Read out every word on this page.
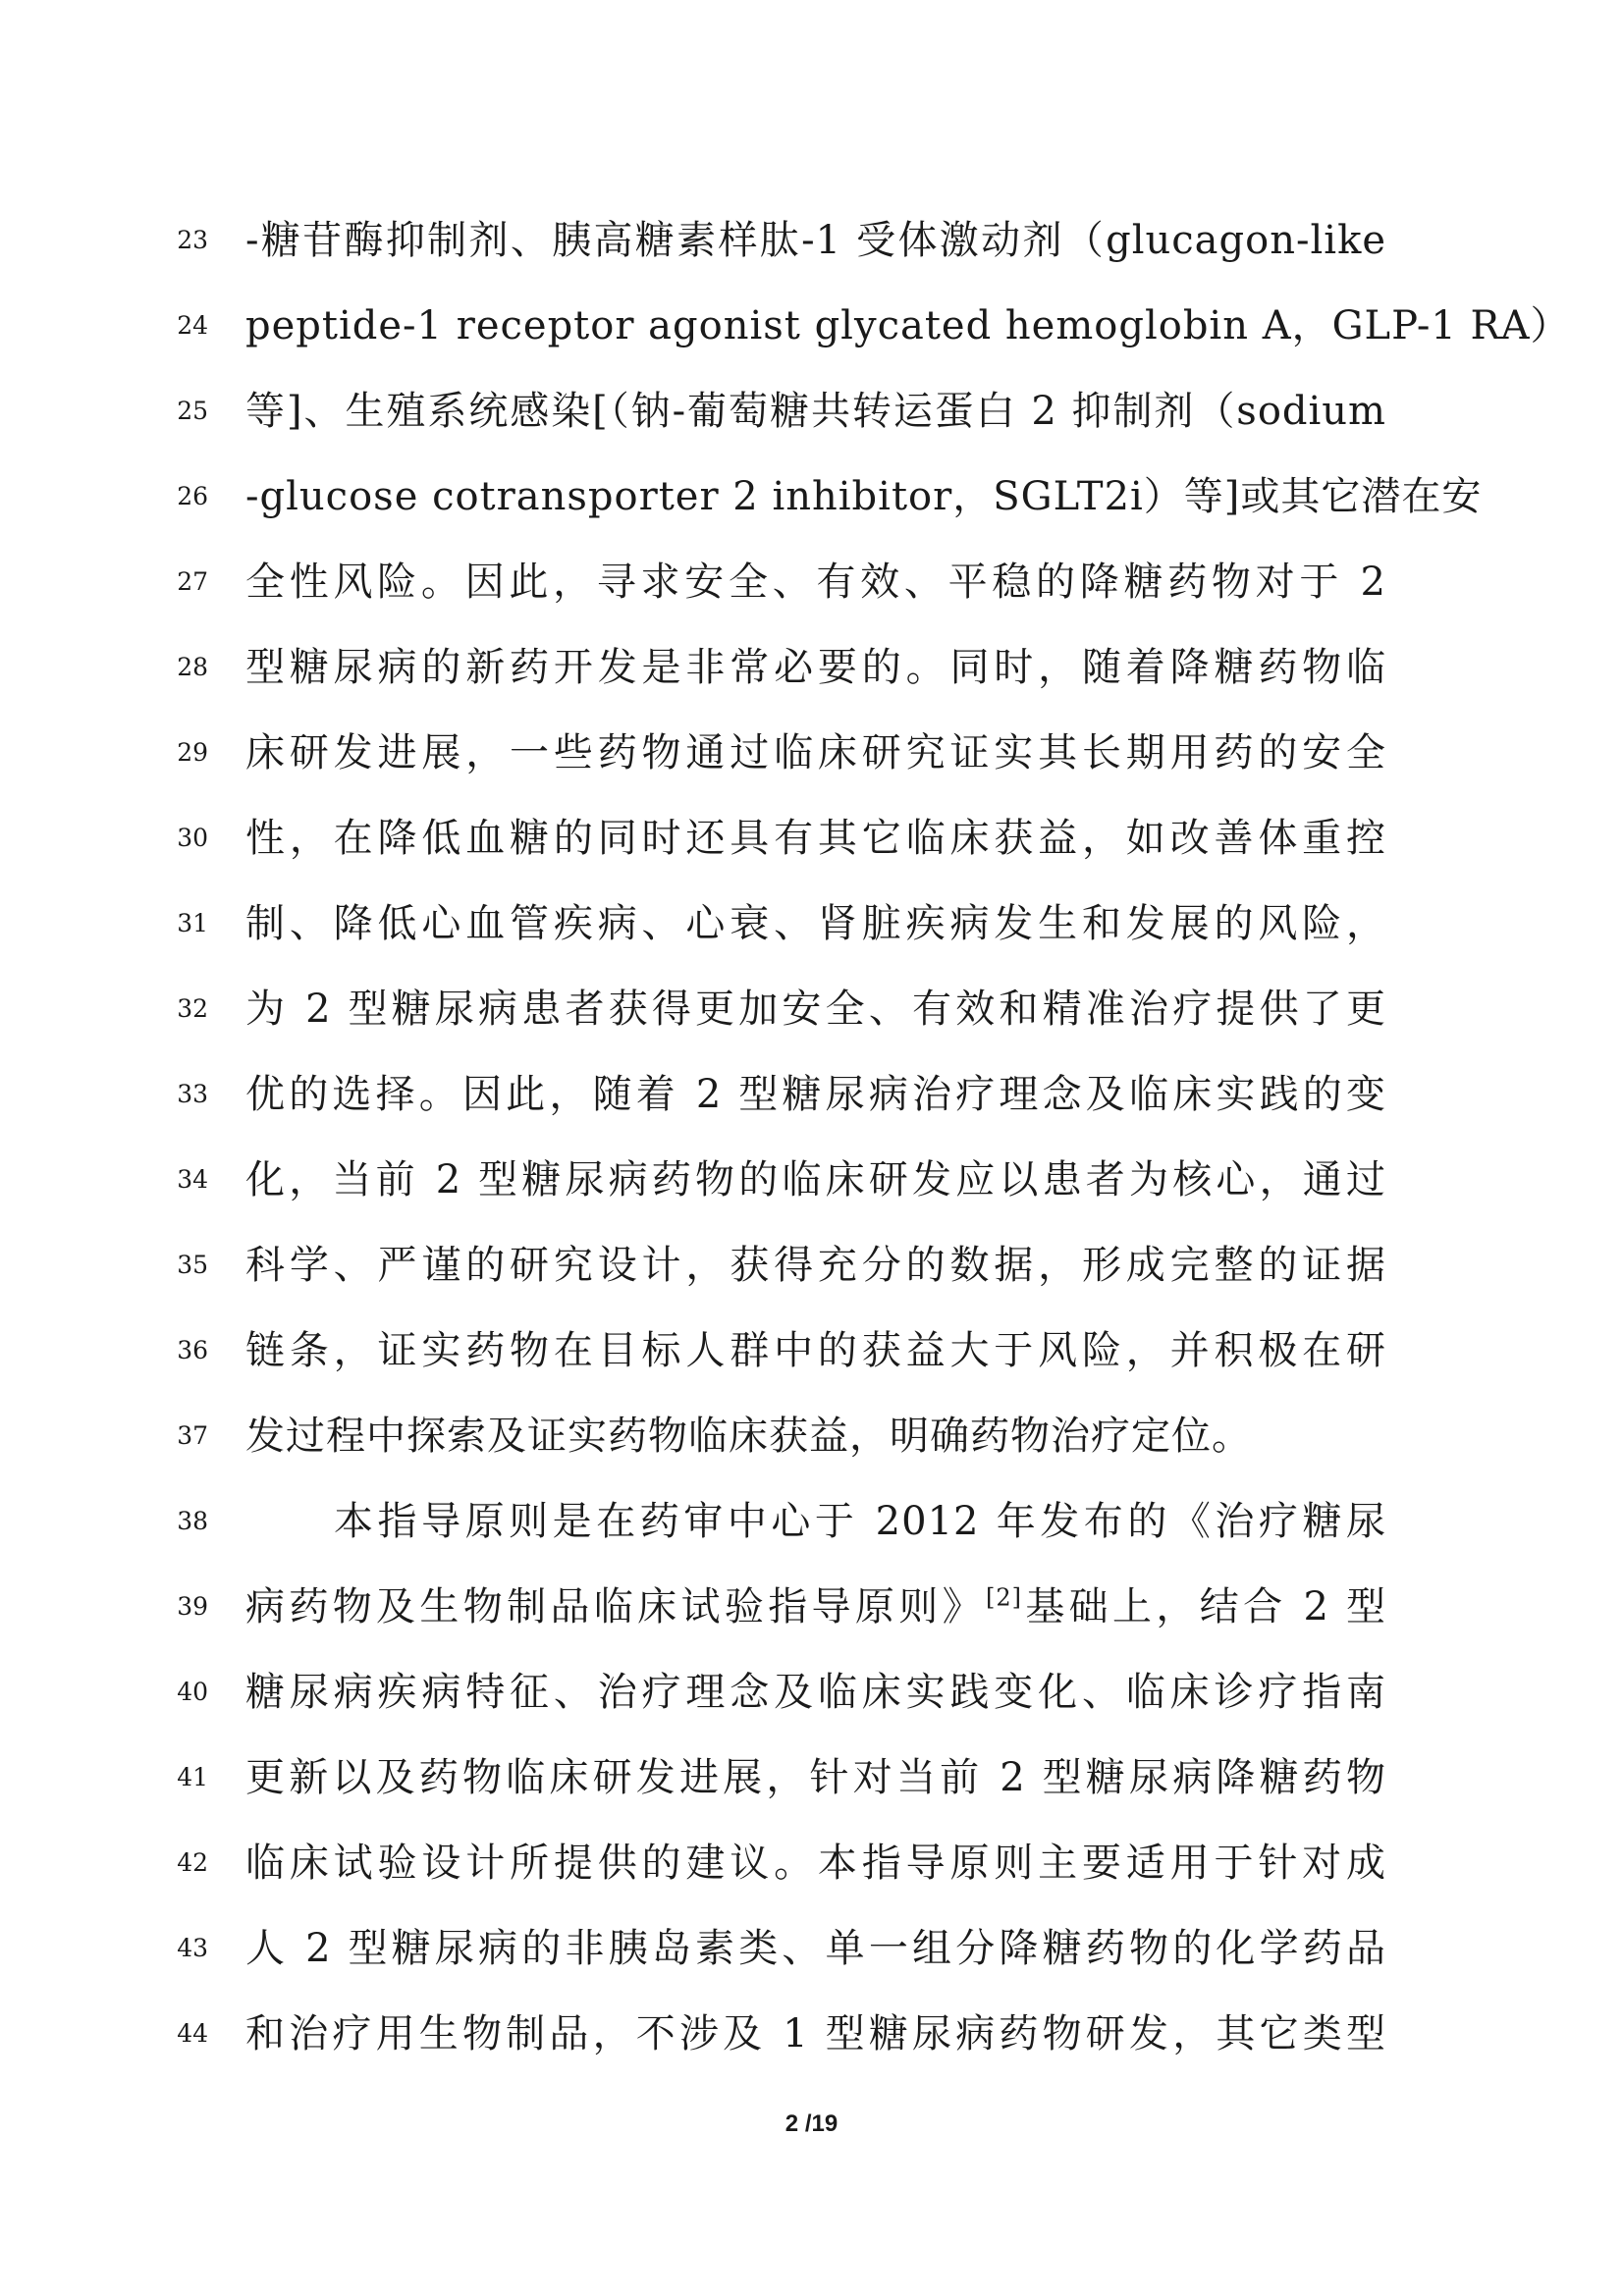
23 -糖苷酶抑制剂、胰高糖素样肽-1 受体激动剂（glucagon-like
24 peptide-1 receptor agonist glycated hemoglobin A，GLP-1 RA）
25 等]、生殖系统感染[（钠-葡萄糖共转运蛋白 2 抑制剂（sodium
26 -glucose cotransporter 2 inhibitor，SGLT2i）等]或其它潜在安
27 全性风险。因此，寻求安全、有效、平稳的降糖药物对于 2
28 型糖尿病的新药开发是非常必要的。同时，随着降糖药物临
29 床研发进展，一些药物通过临床研究证实其长期用药的安全
30 性，在降低血糖的同时还具有其它临床获益，如改善体重控
31 制、降低心血管疾病、心衰、肾脏疾病发生和发展的风险，
32 为 2 型糖尿病患者获得更加安全、有效和精准治疗提供了更
33 优的选择。因此，随着 2 型糖尿病治疗理念及临床实践的变
34 化，当前 2 型糖尿病药物的临床研发应以患者为核心，通过
35 科学、严谨的研究设计，获得充分的数据，形成完整的证据
36 链条，证实药物在目标人群中的获益大于风险，并积极在研
37 发过程中探索及证实药物临床获益，明确药物治疗定位。
38	本指导原则是在药审中心于 2012 年发布的《治疗糖尿
39 病药物及生物制品临床试验指导原则》[2]基础上，结合 2 型
40 糖尿病疾病特征、治疗理念及临床实践变化、临床诊疗指南
41 更新以及药物临床研发进展，针对当前 2 型糖尿病降糖药物
42 临床试验设计所提供的建议。本指导原则主要适用于针对成
43 人 2 型糖尿病的非胰岛素类、单一组分降糖药物的化学药品
44 和治疗用生物制品，不涉及 1 型糖尿病药物研发，其它类型
2 /19
